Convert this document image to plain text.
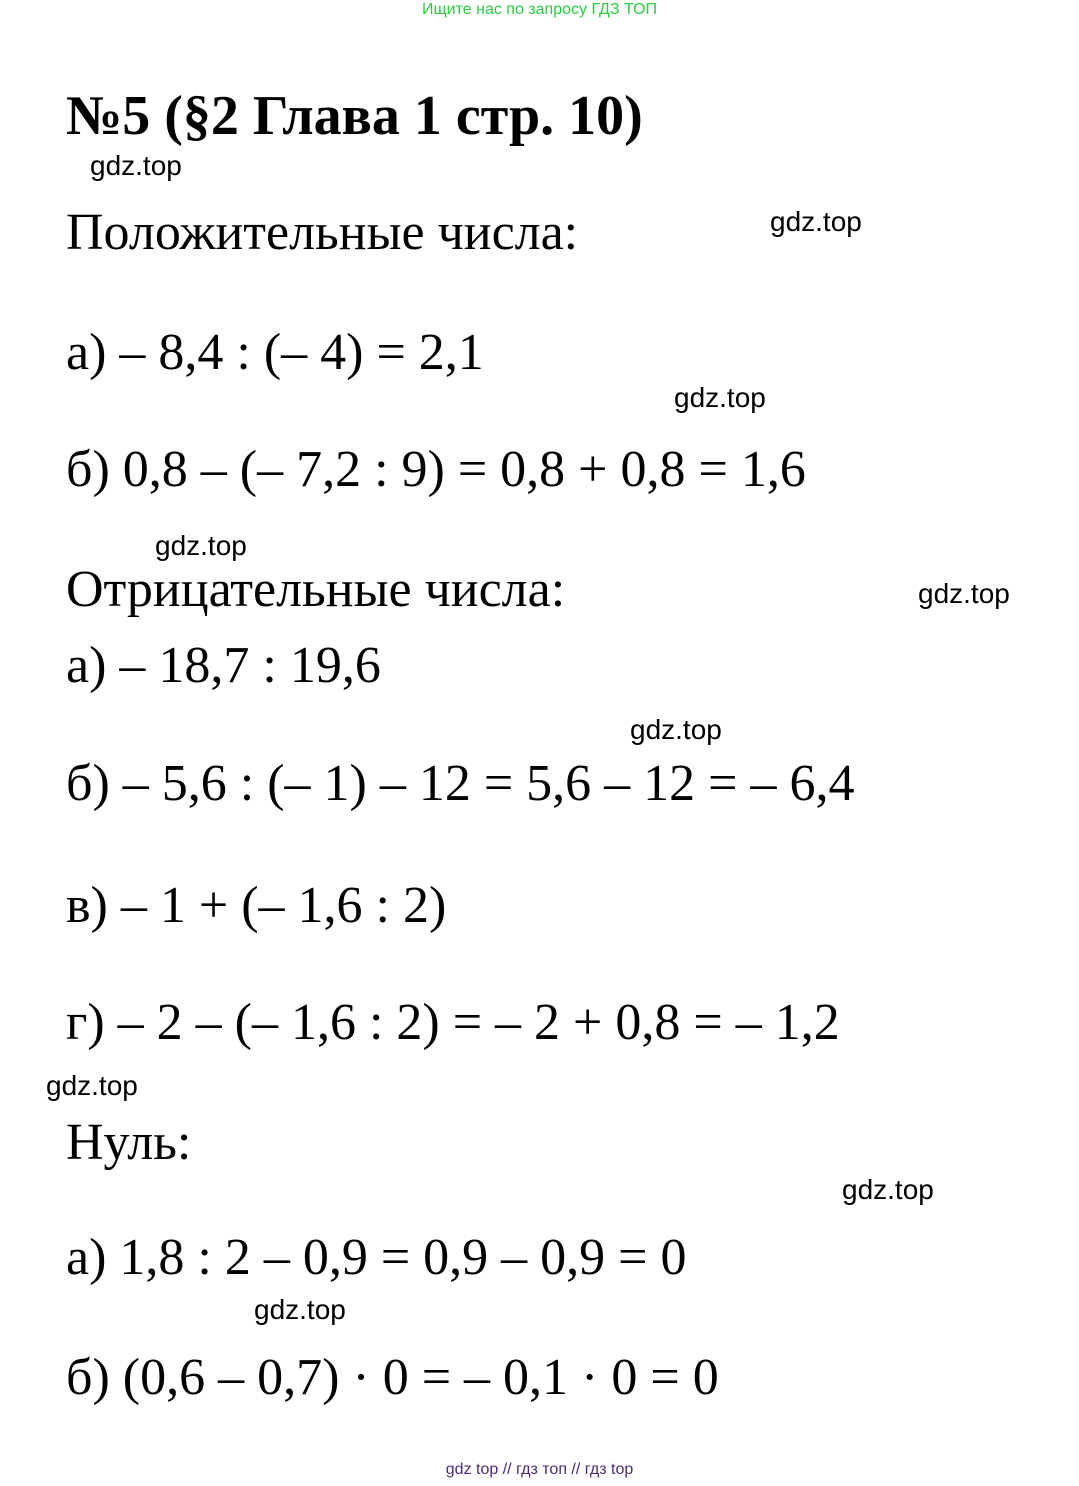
Ищите нас по запросу ГДЗ ТОП
№5 (§2 Глава 1 стр. 10)
gdz.top
Положительные числа:	gdz.top
а) – 8,4 : (– 4) = 2,1
gdz.top
б) 0,8 – (– 7,2 : 9) = 0,8 + 0,8 = 1,6
gdz.top
Отрицательные числа:	gdz.top
а) – 18,7 : 19,6
gdz.top
б) – 5,6 : (– 1) – 12 = 5,6 – 12 = – 6,4
в) – 1 + (– 1,6 : 2)
г) – 2 – (– 1,6 : 2) = – 2 + 0,8 = – 1,2
gdz.top
Нуль:
gdz.top
а) 1,8 : 2 – 0,9 = 0,9 – 0,9 = 0
gdz.top
б) (0,6 – 0,7) · 0 = – 0,1 · 0 = 0
gdz top // гдз топ // гдз top
